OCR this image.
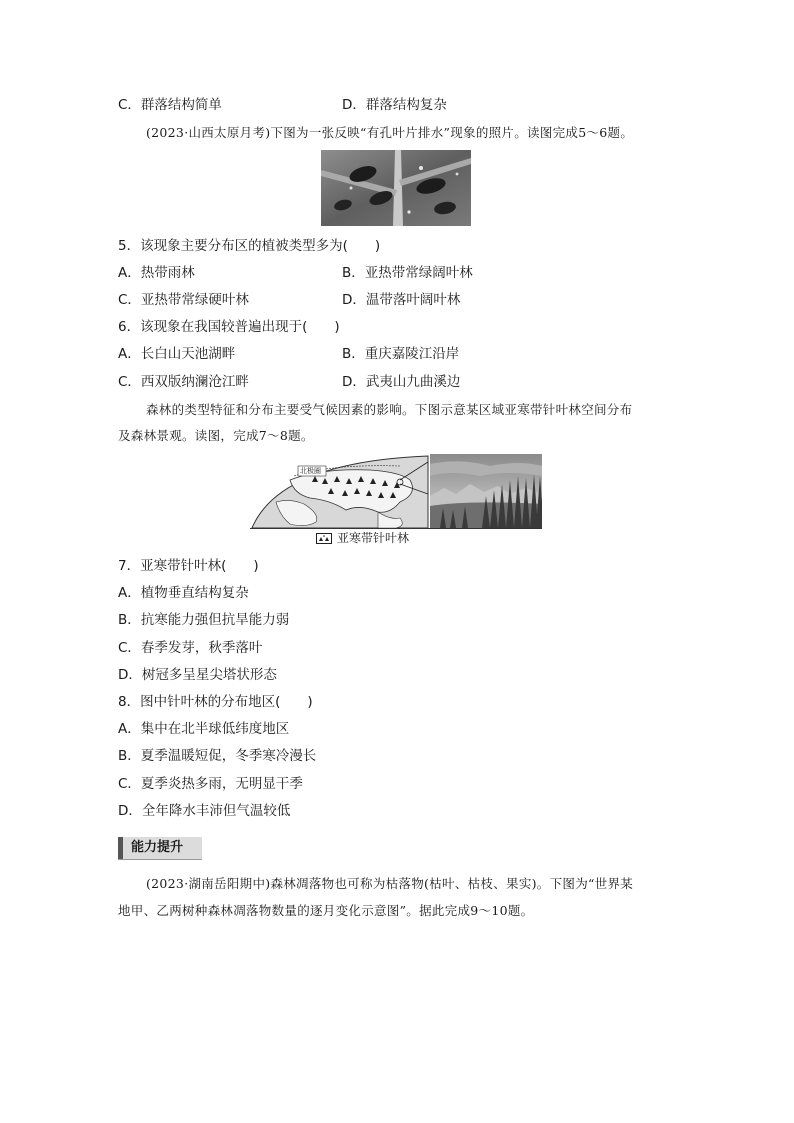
C．群落结构简单	D．群落结构复杂
(2023·山西太原月考)下图为一张反映“有孔叶片排水”现象的照片。读图完成5～6题。
5．该现象主要分布区的植被类型多为(　　)
A．热带雨林	B．亚热带常绿阔叶林
C．亚热带常绿硬叶林	D．温带落叶阔叶林
6．该现象在我国较普遍出现于(　　)
A．长白山天池湖畔	B．重庆嘉陵江沿岸
C．西双版纳澜沧江畔	D．武夷山九曲溪边
森林的类型特征和分布主要受气候因素的影响。下图示意某区域亚寒带针叶林空间分布
及森林景观。读图，完成7～8题。
北极圈
亚寒带针叶林
7．亚寒带针叶林(　　)
A．植物垂直结构复杂
B．抗寒能力强但抗旱能力弱
C．春季发芽，秋季落叶
D．树冠多呈星尖塔状形态
8．图中针叶林的分布地区(　　)
A．集中在北半球低纬度地区
B．夏季温暖短促，冬季寒冷漫长
C．夏季炎热多雨，无明显干季
D．全年降水丰沛但气温较低
能力提升
(2023·湖南岳阳期中)森林凋落物也可称为枯落物(枯叶、枯枝、果实)。下图为“世界某
地甲、乙两树种森林凋落物数量的逐月变化示意图”。据此完成9～10题。
